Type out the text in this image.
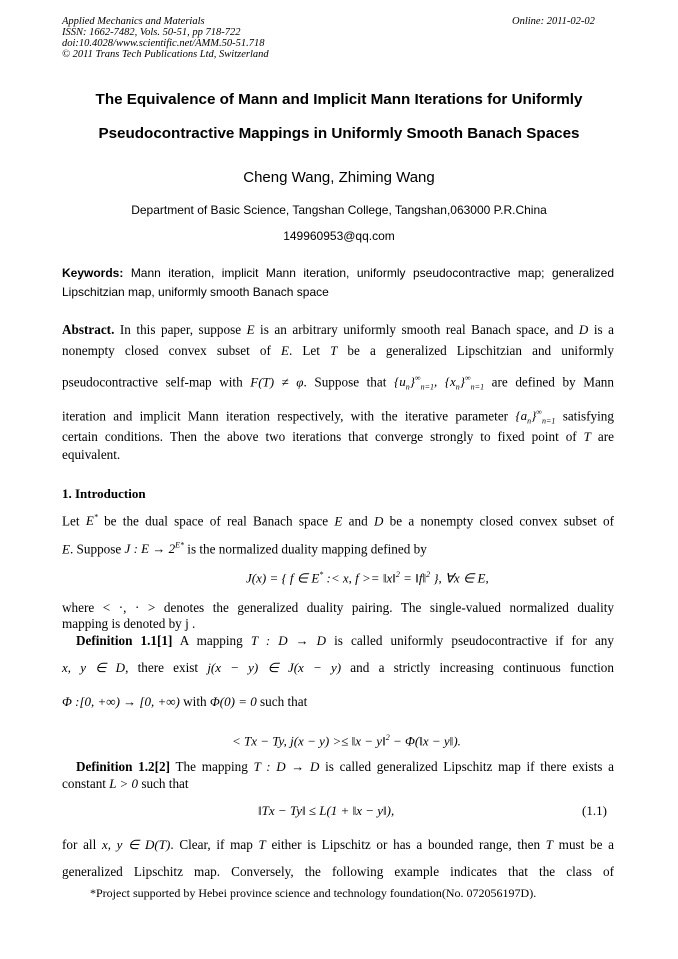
Applied Mechanics and Materials
ISSN: 1662-7482, Vols. 50-51, pp 718-722
doi:10.4028/www.scientific.net/AMM.50-51.718
© 2011 Trans Tech Publications Ltd, Switzerland
Online: 2011-02-02
The Equivalence of Mann and Implicit Mann Iterations for Uniformly
Pseudocontractive Mappings in Uniformly Smooth Banach Spaces
Cheng Wang, Zhiming Wang
Department of Basic Science, Tangshan College, Tangshan,063000 P.R.China
149960953@qq.com
Keywords: Mann iteration, implicit Mann iteration, uniformly pseudocontractive map; generalized
Lipschitzian map, uniformly smooth Banach space
Abstract. In this paper, suppose E is an arbitrary uniformly smooth real Banach space, and D is a
nonempty closed convex subset of E. Let T be a generalized Lipschitzian and uniformly
pseudocontractive self-map with F(T) ≠ φ. Suppose that $\{u_n\}^\infty_{n=1}$, $\{x_n\}^\infty_{n=1}$ are defined by Mann
iteration and implicit Mann iteration respectively, with the iterative parameter $\{a_n\}^\infty_{n=1}$ satisfying
certain conditions. Then the above two iterations that converge strongly to fixed point of T are
equivalent.
1. Introduction
Let E* be the dual space of real Banach space E and D be a nonempty closed convex subset of
E. Suppose J : $E \to 2^{E*}$ is the normalized duality mapping defined by
J(x) = { f ∈ E* :< x, f >= ‖x‖$^2$ = ‖f‖$^2$ }, ∀x ∈ E,
where < ·, · > denotes the generalized duality pairing. The single-valued normalized duality
mapping is denoted by j .
Definition 1.1[1] A mapping T : D → D is called uniformly pseudocontractive if for any
x, y ∈ D, there exist j(x − y) ∈ J(x − y) and a strictly increasing continuous function
Φ :[0, +∞) → [0, +∞) with Φ(0) = 0 such that
< Tx − Ty, j(x − y) >≤ ‖x − y‖$^2$ − Φ(‖x − y‖).
Definition 1.2[2] The mapping T : D → D is called generalized Lipschitz map if there exists a
constant L > 0 such that
‖Tx − Ty‖ ≤ L(1 + ‖x − y‖),	(1.1)
for all x, y ∈ D(T). Clear, if map T either is Lipschitz or has a bounded range, then T must be a
generalized Lipschitz map. Conversely, the following example indicates that the class of
*Project supported by Hebei province science and technology foundation(No. 072056197D).
